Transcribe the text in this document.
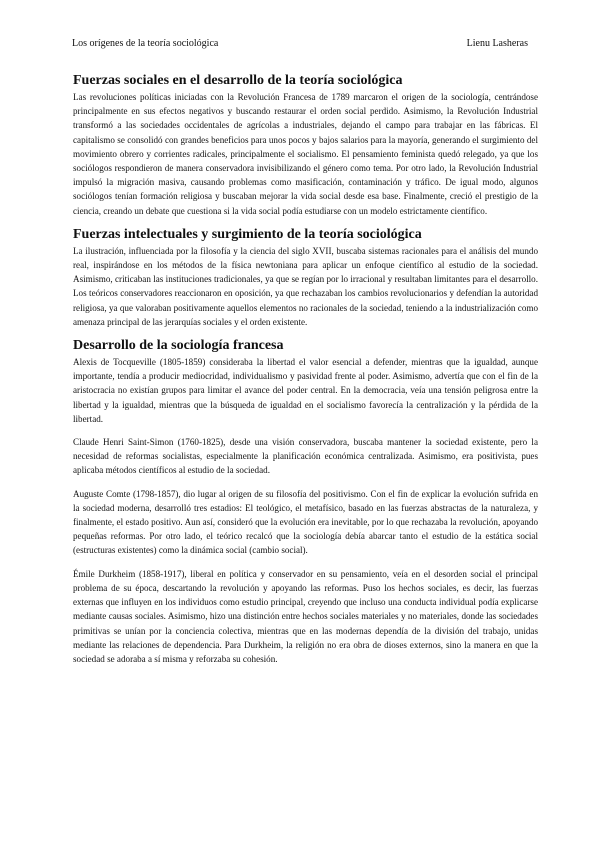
Los orígenes de la teoría sociológica	Lienu Lasheras
Fuerzas sociales en el desarrollo de la teoría sociológica

Las revoluciones políticas iniciadas con la Revolución Francesa de 1789 marcaron el origen de la sociología, centrándose principalmente en sus efectos negativos y buscando restaurar el orden social perdido. Asimismo, la Revolución Industrial transformó a las sociedades occidentales de agrícolas a industriales, dejando el campo para trabajar en las fábricas. El capitalismo se consolidó con grandes beneficios para unos pocos y bajos salarios para la mayoría, generando el surgimiento del movimiento obrero y corrientes radicales, principalmente el socialismo. El pensamiento feminista quedó relegado, ya que los sociólogos respondieron de manera conservadora invisibilizando el género como tema. Por otro lado, la Revolución Industrial impulsó la migración masiva, causando problemas como masificación, contaminación y tráfico. De igual modo, algunos sociólogos tenían formación religiosa y buscaban mejorar la vida social desde esa base. Finalmente, creció el prestigio de la ciencia, creando un debate que cuestiona si la vida social podía estudiarse con un modelo estrictamente científico.

Fuerzas intelectuales y surgimiento de la teoría sociológica

La ilustración, influenciada por la filosofía y la ciencia del siglo XVII, buscaba sistemas racionales para el análisis del mundo real, inspirándose en los métodos de la física newtoniana para aplicar un enfoque científico al estudio de la sociedad. Asimismo, criticaban las instituciones tradicionales, ya que se regían por lo irracional y resultaban limitantes para el desarrollo. Los teóricos conservadores reaccionaron en oposición, ya que rechazaban los cambios revolucionarios y defendían la autoridad religiosa, ya que valoraban positivamente aquellos elementos no racionales de la sociedad, teniendo a la industrialización como amenaza principal de las jerarquías sociales y el orden existente.

Desarrollo de la sociología francesa

Alexis de Tocqueville (1805-1859) consideraba la libertad el valor esencial a defender, mientras que la igualdad, aunque importante, tendía a producir mediocridad, individualismo y pasividad frente al poder. Asimismo, advertía que con el fin de la aristocracia no existían grupos para limitar el avance del poder central. En la democracia, veía una tensión peligrosa entre la libertad y la igualdad, mientras que la búsqueda de igualdad en el socialismo favorecía la centralización y la pérdida de la libertad.

Claude Henri Saint-Simon (1760-1825), desde una visión conservadora, buscaba mantener la sociedad existente, pero la necesidad de reformas socialistas, especialmente la planificación económica centralizada. Asimismo, era positivista, pues aplicaba métodos científicos al estudio de la sociedad.

Auguste Comte (1798-1857), dio lugar al origen de su filosofía del positivismo. Con el fin de explicar la evolución sufrida en la sociedad moderna, desarrolló tres estadios: El teológico, el metafísico, basado en las fuerzas abstractas de la naturaleza, y finalmente, el estado positivo. Aun así, consideró que la evolución era inevitable, por lo que rechazaba la revolución, apoyando pequeñas reformas. Por otro lado, el teórico recalcó que la sociología debía abarcar tanto el estudio de la estática social (estructuras existentes) como la dinámica social (cambio social).

Émile Durkheim (1858-1917), liberal en política y conservador en su pensamiento, veía en el desorden social el principal problema de su época, descartando la revolución y apoyando las reformas. Puso los hechos sociales, es decir, las fuerzas externas que influyen en los individuos como estudio principal, creyendo que incluso una conducta individual podía explicarse mediante causas sociales. Asimismo, hizo una distinción entre hechos sociales materiales y no materiales, donde las sociedades primitivas se unían por la conciencia colectiva, mientras que en las modernas dependía de la división del trabajo, unidas mediante las relaciones de dependencia. Para Durkheim, la religión no era obra de dioses externos, sino la manera en que la sociedad se adoraba a sí misma y reforzaba su cohesión.
